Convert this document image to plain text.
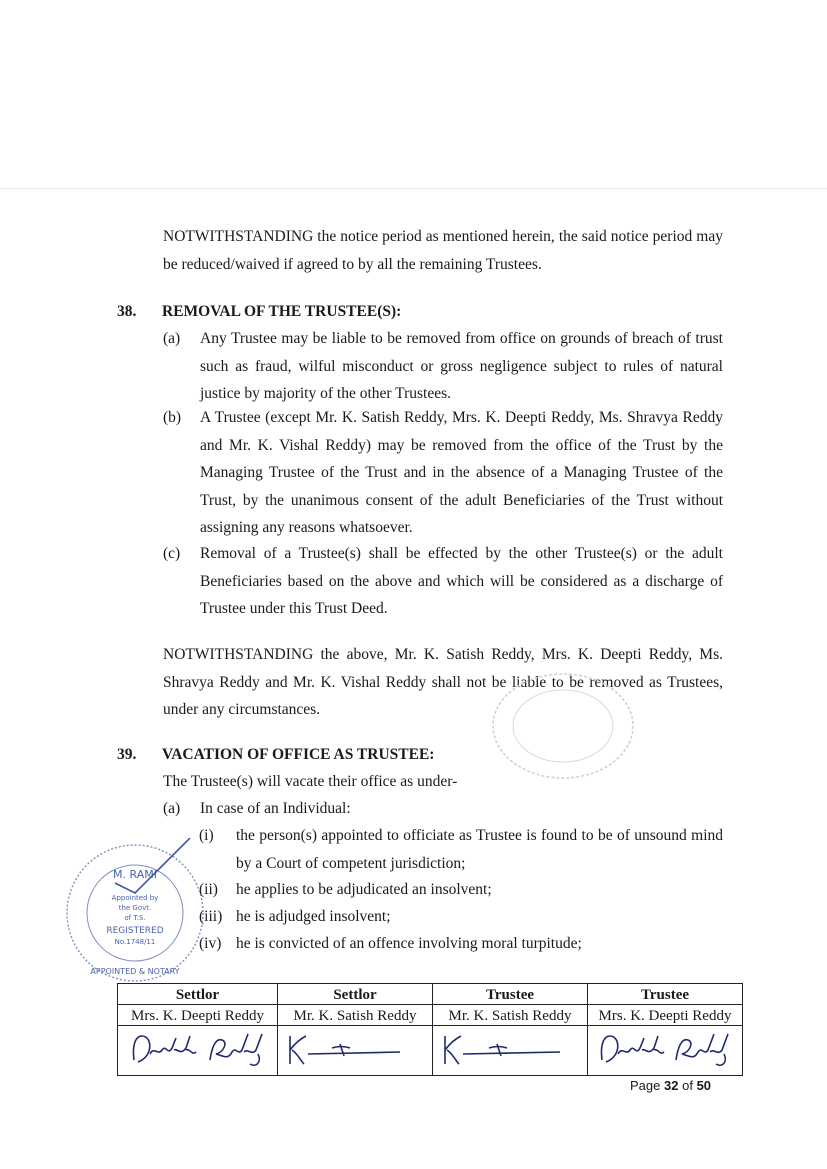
NOTWITHSTANDING the notice period as mentioned herein, the said notice period may be reduced/waived if agreed to by all the remaining Trustees.
38. REMOVAL OF THE TRUSTEE(S):
(a) Any Trustee may be liable to be removed from office on grounds of breach of trust such as fraud, wilful misconduct or gross negligence subject to rules of natural justice by majority of the other Trustees.
(b) A Trustee (except Mr. K. Satish Reddy, Mrs. K. Deepti Reddy, Ms. Shravya Reddy and Mr. K. Vishal Reddy) may be removed from the office of the Trust by the Managing Trustee of the Trust and in the absence of a Managing Trustee of the Trust, by the unanimous consent of the adult Beneficiaries of the Trust without assigning any reasons whatsoever.
(c) Removal of a Trustee(s) shall be effected by the other Trustee(s) or the adult Beneficiaries based on the above and which will be considered as a discharge of Trustee under this Trust Deed.
NOTWITHSTANDING the above, Mr. K. Satish Reddy, Mrs. K. Deepti Reddy, Ms. Shravya Reddy and Mr. K. Vishal Reddy shall not be liable to be removed as Trustees, under any circumstances.
39. VACATION OF OFFICE AS TRUSTEE:
The Trustee(s) will vacate their office as under-
(a) In case of an Individual:
(i) the person(s) appointed to officiate as Trustee is found to be of unsound mind by a Court of competent jurisdiction;
(ii) he applies to be adjudicated an insolvent;
(iii) he is adjudged insolvent;
(iv) he is convicted of an offence involving moral turpitude;
M. RAMI
Appointed by
the Govt.
of T.S.
REGISTERED
No.1748/11
APPOINTED & NOTARY
Settlor	Settlor	Trustee	Trustee
Mrs. K. Deepti Reddy	Mr. K. Satish Reddy	Mr. K. Satish Reddy	Mrs. K. Deepti Reddy

Page 32 of 50
